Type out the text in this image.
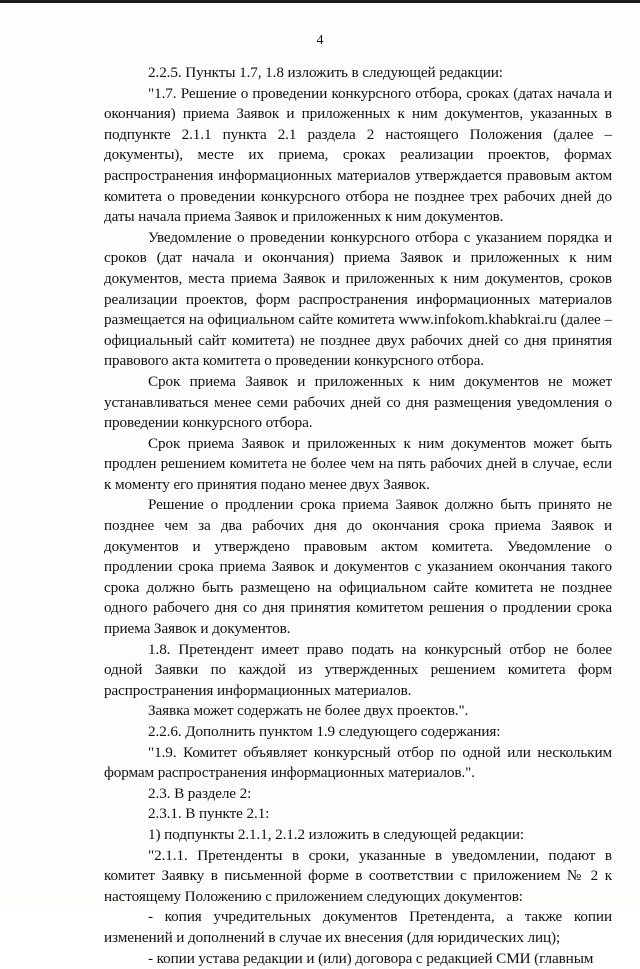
4

2.2.5. Пункты 1.7, 1.8 изложить в следующей редакции:

"1.7. Решение о проведении конкурсного отбора, сроках (датах начала и окончания) приема Заявок и приложенных к ним документов, указанных в подпункте 2.1.1 пункта 2.1 раздела 2 настоящего Положения (далее – документы), месте их приема, сроках реализации проектов, формах распространения информационных материалов утверждается правовым актом комитета о проведении конкурсного отбора не позднее трех рабочих дней до даты начала приема Заявок и приложенных к ним документов.

Уведомление о проведении конкурсного отбора с указанием порядка и сроков (дат начала и окончания) приема Заявок и приложенных к ним документов, места приема Заявок и приложенных к ним документов, сроков реализации проектов, форм распространения информационных материалов размещается на официальном сайте комитета www.infokom.khabkrai.ru (далее – официальный сайт комитета) не позднее двух рабочих дней со дня принятия правового акта комитета о проведении конкурсного отбора.

Срок приема Заявок и приложенных к ним документов не может устанавливаться менее семи рабочих дней со дня размещения уведомления о проведении конкурсного отбора.

Срок приема Заявок и приложенных к ним документов может быть продлен решением комитета не более чем на пять рабочих дней в случае, если к моменту его принятия подано менее двух Заявок.

Решение о продлении срока приема Заявок должно быть принято не позднее чем за два рабочих дня до окончания срока приема Заявок и документов и утверждено правовым актом комитета. Уведомление о продлении срока приема Заявок и документов с указанием окончания такого срока должно быть размещено на официальном сайте комитета не позднее одного рабочего дня со дня принятия комитетом решения о продлении срока приема Заявок и документов.

1.8. Претендент имеет право подать на конкурсный отбор не более одной Заявки по каждой из утвержденных решением комитета форм распространения информационных материалов.

Заявка может содержать не более двух проектов.".

2.2.6. Дополнить пунктом 1.9 следующего содержания:

"1.9. Комитет объявляет конкурсный отбор по одной или нескольким формам распространения информационных материалов.".

2.3. В разделе 2:

2.3.1. В пункте 2.1:

1) подпункты 2.1.1, 2.1.2 изложить в следующей редакции:

"2.1.1. Претенденты в сроки, указанные в уведомлении, подают в комитет Заявку в письменной форме в соответствии с приложением № 2 к настоящему Положению с приложением следующих документов:

- копия учредительных документов Претендента, а также копии изменений и дополнений в случае их внесения (для юридических лиц);

- копии устава редакции и (или) договора с редакцией СМИ (главным
